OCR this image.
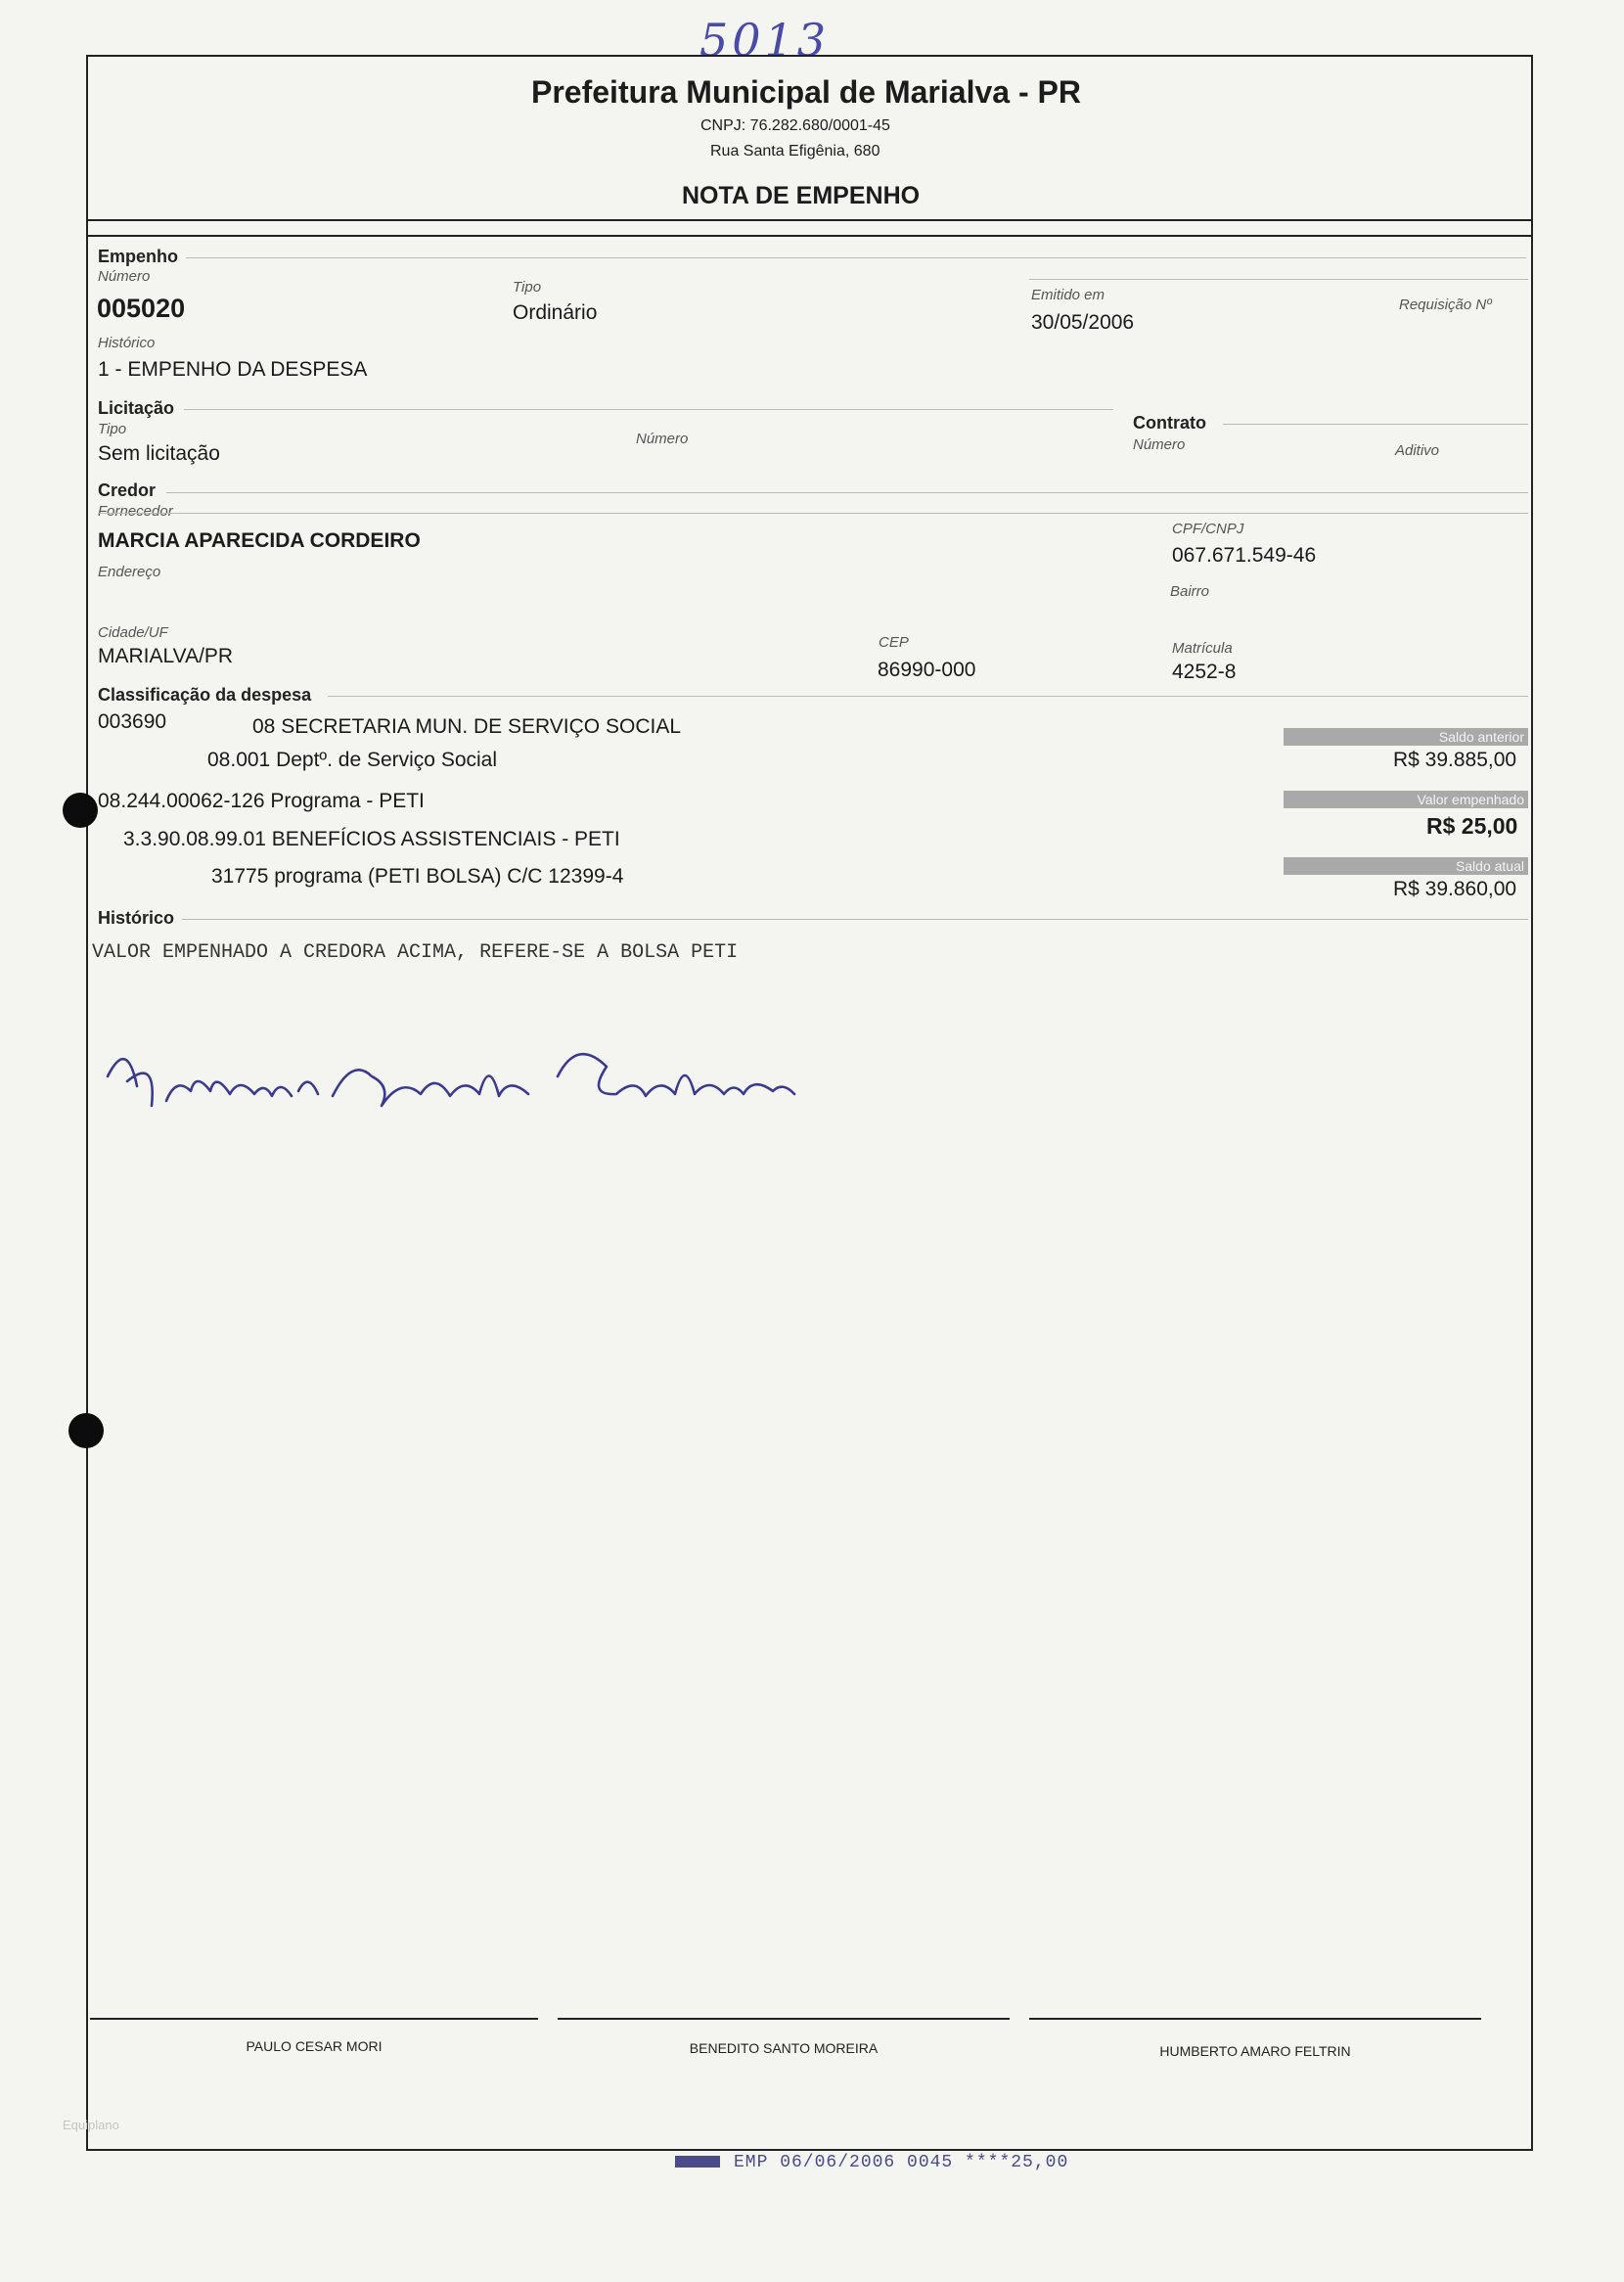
5013
Prefeitura Municipal de Marialva - PR
CNPJ: 76.282.680/0001-45
Rua Santa Efigênia, 680
NOTA DE EMPENHO
Empenho
Número
005020
Tipo
Ordinário
Emitido em
30/05/2006
Requisição Nº
Histórico
1 - EMPENHO DA DESPESA
Licitação
Tipo
Sem licitação
Número
Contrato
Número	Aditivo
Credor
Fornecedor
MARCIA APARECIDA CORDEIRO
CPF/CNPJ
067.671.549-46
Endereço
Bairro
Cidade/UF
MARIALVA/PR
CEP
86990-000
Matrícula
4252-8
Classificação da despesa
003690	08 SECRETARIA MUN. DE SERVIÇO SOCIAL
08.001 Deptº. de Serviço Social
08.244.00062-126 Programa - PETI
3.3.90.08.99.01 BENEFÍCIOS ASSISTENCIAIS - PETI
31775 programa (PETI BOLSA) C/C 12399-4
Saldo anterior
R$ 39.885,00
Valor empenhado
R$ 25,00
Saldo atual
R$ 39.860,00
Histórico
VALOR EMPENHADO A CREDORA ACIMA, REFERE-SE A BOLSA PETI
PAULO CESAR MORI	BENEDITO SANTO MOREIRA	HUMBERTO AMARO FELTRIN
Equiplano
EMP 06/06/2006 0045 ****25,00
